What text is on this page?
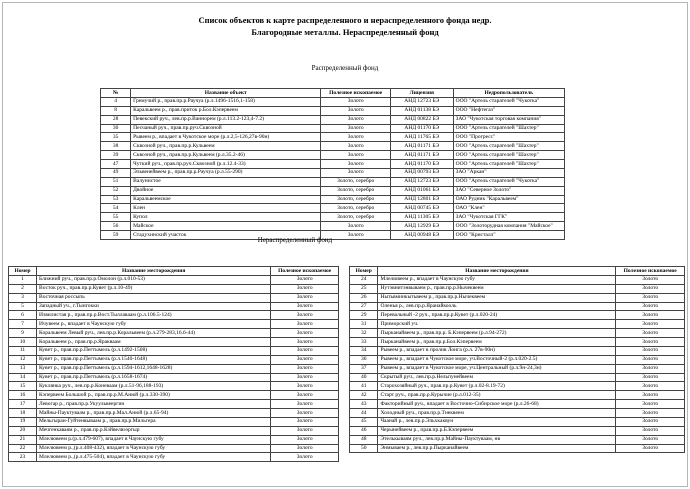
Список объектов к карте распределенного и нераспределенного фонда недр.
Благородные металлы. Нераспределенный фонд
Распределенный фонд
№	Название объект	Полезное ископаемое	Лицензия	Недропользователь
4	Гремучий р., прав.пр.р.Раучуа (р.л.1496-1516,1-158)	Золото	АНД 12723 БЭ	ООО "Артель старателей "Чукотка"
8	Каральвеем р., прав.приток р.Бол.Кэпервеем	Золото	АНД 01138 БЭ	ООО "Нефтегаз"
28	Певекский руч., лев.пр.р.Ваннорем (р.л.113.2-123,4-7.2)	Золото	АНД 00822 БЭ	ЗАО "Чукотская торговая компания"
30	Песчаный руч., прав.пр.руч.Сквозной	Золото	АНД 01170 БЭ	ООО "Артель старателей "Шахтер"
35	Рывеем р., впадает в Чукотское море (р.л.2,5-126,27в-90н)	Золото	АНД 11765 БЭ	ООО "Прогресс"
38	Сквозной руч., прав.пр.р.Кульвеем	Золото	АНД 01171 БЭ	ООО "Артель старателей "Шахтер"
39	Сквозной руч., прав.пр.р.Кульвеем (р.л.35.2-46)	Золото	АНД 01171 БЭ	ООО "Артель старателей "Шахтер"
47	Чуткий руч., прав.пр.руч.Сквозной (р.л.12.4-33)	Золото	АНД 01170 БЭ	ООО "Артель старателей "Шахтер"
49	Эльвенейвеем р., прав.пр.р.Раучуа (р.л.55-290)	Золото	АНД 00793 БЭ	ЗАО "Аркан"
51	Валунистое	Золото, серебро	АНД 12723 БЭ	ООО "Артель старателей "Чукотка"
52	Двойное	Золото, серебро	АНД 01061 БЭ	ЗАО "Северное Золото"
53	Каральвеемское	Золото, серебро	АНД 12801 БЭ	ОАО Рудник "Каральвеем"
54	Клен	Золото, серебро	АНД 00745 БЭ	ОАО "Клен"
55	Купол	Золото, серебро	АНД 11305 БЭ	ЗАО "Чукотская ГГК"
56	Майское	Золото	АНД 12929 БЭ	ООО "Золоторудная компания "Майское"
59	Стадухинский участок	Золото	АНД 00948 БЭ	ООО "Кристалл"
Нераспределенный фонд
Номер	Название месторождения	Полезное ископаемое
1	Ближний руч., прав.пр.р.Омолон (р.л.010-53)	Золото
2	Восток руч., прав.пр.р.Кувет (р.л.10-49)	Золото
3	Восточная россыпь	Золото
5	Западный уч., г.Тынгокки	Золото
6	Извилистая р., прав.пр.р.Вост.Тыллаваам (р.л.106.5-124)	Золото
7	Ичувеем р., впадает в Чаунскую губу	Золото
9	Коральвеем Левый руч., лев.пр.р.Коральвеем (р.л.279-283,16.6-44)	Золото
10	Коральвеем р., прав.пр.р.Яракваам	Золото
11	Кувет р., прав.пр.р.Пегтымель (р.л.1492-1508)	Золото
12	Кувет р., прав.пр.р.Пегтымель (р.л.1540-1648)	Золото
13	Кувет р., прав.пр.р.Пегтымель (р.л.1594-1612,1648-1628)	Золото
14	Кувет р., прав.пр.р.Пегтымель (р.л.1658-1674)	Золото
15	Куклянка руч., лев.пр.р.Коневаам (р.л.51-96,188-193)	Золото
16	Кэпервеем Большой р., прав.пр.р.М.Анюй (р.л.330-390)	Золото
17	Левогар р., прав.пр.р.Укуульвеергин	Золото
18	Майны-Пауктуваам р., прав.пр.р.Мал.Анюй (р.л.65-94)	Золото
19	Мельгыран-Гуйтенвываам р., прав.пр.р.Мильгера	Золото
20	Мечгенкаваям р., прав.пр.р.Кэйвелвээргыр	Золото
21	Млелювеем р.(р.л.479-607), впадает в Чаунскую губу	Золото
22	Млелювеем р.,(р.л.408-432), впадает в Чаунскую губу	Золото
23	Млелювеем р.,(р.л.475-504), впадает в Чаунскую губу	Золото
Номер	Название месторождения	Полезное ископаемое
24	Млелювеем р., впадает в Чаунскую губу	Золото
25	Нутэвнитэнвываем р., прав.пр.р.Нычеквеем	Золото
26	Нытьвминкытьвеем р., прав.пр.р.Нычеквеем	Золото
27	Оленья р., лев.пр.р.Яранайкооль	Золото
29	Перевальный -2 руч., прав.пр.р.Кувет (р.л.020-24)	Золото
31	Приморский уч.	Золото
32	Пырканайвеем р., прав.пр.р. Б.Кэпервеем (р.л.94-272)	Золото
33	Пырканайвеем р., прав.пр.р.Бол.Кэпервеем	Золото
34	Рывеем р., впадает в пролив Лонга (р.л. 27в-90н)	Золото
36	Рывеем р., впадает в Чукотское море, уч.Восточный-2 (р.л.020-2.5)	Золото
37	Рывеем р., впадает в Чукотское море, уч.Центральный (р.л.9н-24,3н)	Золото
40	Скрытый руч., лев.пр.р.Нельпунейвеем	Золото
41	Старохозяйный руч., прав.пр.р.Кувет (р.л.02-8.19-72)	Золото
42	Старт руч., прав.пр.р.Курычие (р.л.012-35)	Золото
43	Факторийный руч., впадает в Восточно-Сибирское море (р.л.26-68)	Золото
44	Холодный руч., прав.пр.р.Тнеквеем	Золото
45	Чаанай р., лев.пр.р.Эльхкаквун	Золото
46	Черынейвеем р., прав.пр.р.Б.Кэпервеем	Золото
48	Этелькываям руч., лев.пр.р.Майны-Пауктуваам, нв	Золото
50	Энмываем р., лев.пр.р.Пырканайвеем	Золото
